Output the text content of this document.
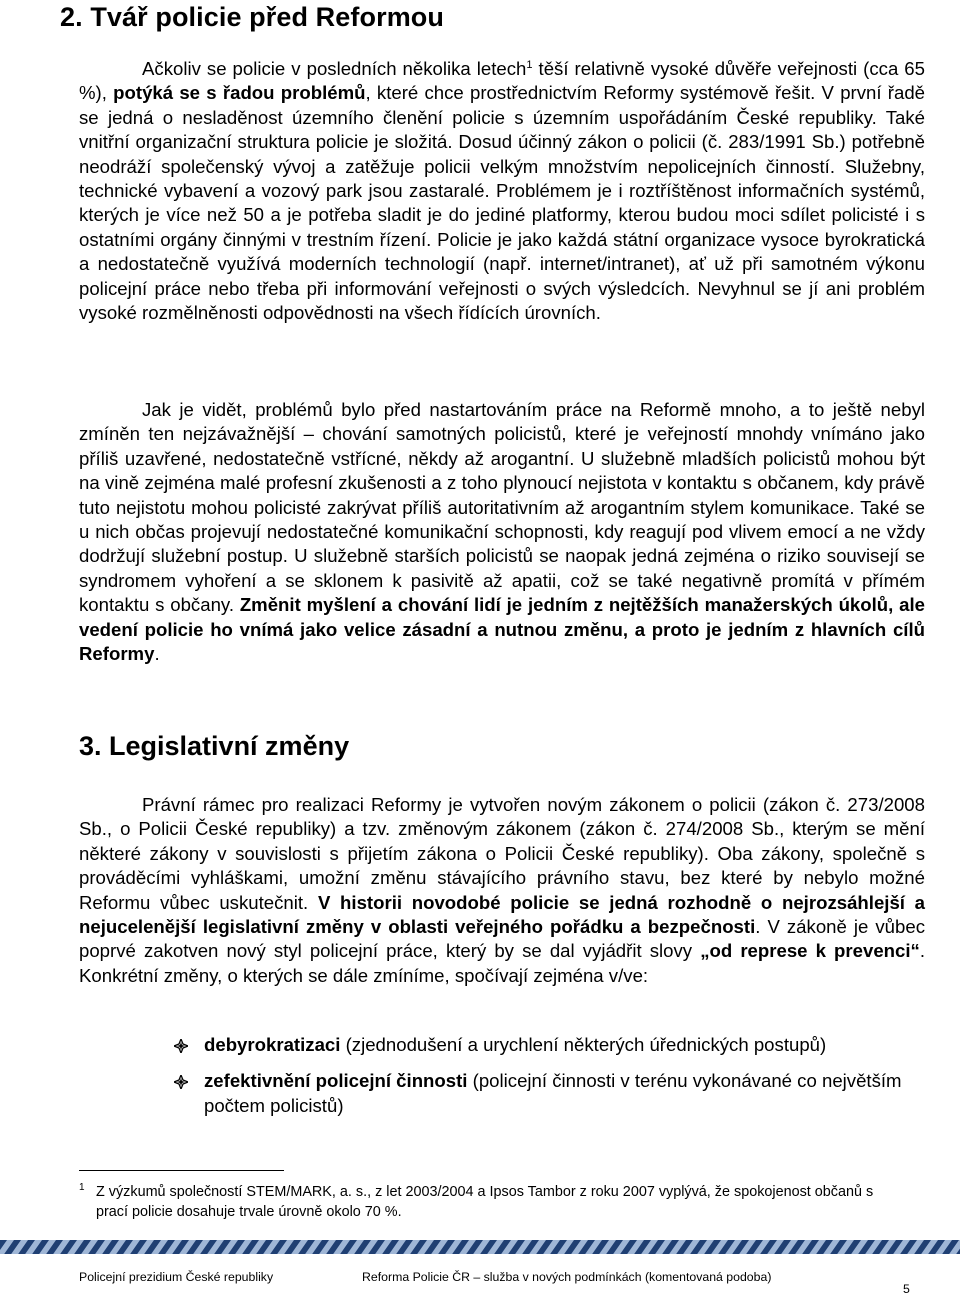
2. Tvář policie před Reformou

Ačkoliv se policie v posledních několika letech$^1$ těší relativně vysoké důvěře veřejnosti (cca 65 %), potýká se s řadou problémů, které chce prostřednictvím Reformy systémově řešit. V první řadě se jedná o nesladěnost územního členění policie s územním uspořádáním České republiky. Také vnitřní organizační struktura policie je složitá. Dosud účinný zákon o policii (č. 283/1991 Sb.) potřebně neodráží společenský vývoj a zatěžuje policii velkým množstvím nepolicejních činností. Služebny, technické vybavení a vozový park jsou zastaralé. Problémem je i roztříštěnost informačních systémů, kterých je více než 50 a je potřeba sladit je do jediné platformy, kterou budou moci sdílet policisté i s ostatními orgány činnými v trestním řízení. Policie je jako každá státní organizace vysoce byrokratická a nedostatečně využívá moderních technologií (např. internet/intranet), ať už při samotném výkonu policejní práce nebo třeba při informování veřejnosti o svých výsledcích. Nevyhnul se jí ani problém vysoké rozmělněnosti odpovědnosti na všech řídících úrovních.

Jak je vidět, problémů bylo před nastartováním práce na Reformě mnoho, a to ještě nebyl zmíněn ten nejzávažnější – chování samotných policistů, které je veřejností mnohdy vnímáno jako příliš uzavřené, nedostatečně vstřícné, někdy až arogantní. U služebně mladších policistů mohou být na vině zejména malé profesní zkušenosti a z toho plynoucí nejistota v kontaktu s občanem, kdy právě tuto nejistotu mohou policisté zakrývat příliš autoritativním až arogantním stylem komunikace. Také se u nich občas projevují nedostatečné komunikační schopnosti, kdy reagují pod vlivem emocí a ne vždy dodržují služební postup. U služebně starších policistů se naopak jedná zejména o riziko souvisejí se syndromem vyhoření a se sklonem k pasivitě až apatii, což se také negativně promítá v přímém kontaktu s občany. Změnit myšlení a chování lidí je jedním z nejtěžších manažerských úkolů, ale vedení policie ho vnímá jako velice zásadní a nutnou změnu, a proto je jedním z hlavních cílů Reformy.

3. Legislativní změny

Právní rámec pro realizaci Reformy je vytvořen novým zákonem o policii (zákon č. 273/2008 Sb., o Policii České republiky) a tzv. změnovým zákonem (zákon č. 274/2008 Sb., kterým se mění některé zákony v souvislosti s přijetím zákona o Policii České republiky). Oba zákony, společně s prováděcími vyhláškami, umožní změnu stávajícího právního stavu, bez které by nebylo možné Reformu vůbec uskutečnit. V historii novodobé policie se jedná rozhodně o nejrozsáhlejší a nejucelenější legislativní změny v oblasti veřejného pořádku a bezpečnosti. V zákoně je vůbec poprvé zakotven nový styl policejní práce, který by se dal vyjádřit slovy „od represe k prevenci“. Konkrétní změny, o kterých se dále zmíníme, spočívají zejména v/ve:

debyrokratizaci (zjednodušení a urychlení některých úřednických postupů)
zefektivnění policejní činnosti (policejní činnosti v terénu vykonávané co největším počtem policistů)
1 Z výzkumů společností STEM/MARK, a. s., z let 2003/2004 a Ipsos Tambor z roku 2007 vyplývá, že spokojenost občanů s prací policie dosahuje trvale úrovně okolo 70 %.
Policejní prezidium České republiky	Reforma Policie ČR – služba v nových podmínkách (komentovaná podoba)
5
